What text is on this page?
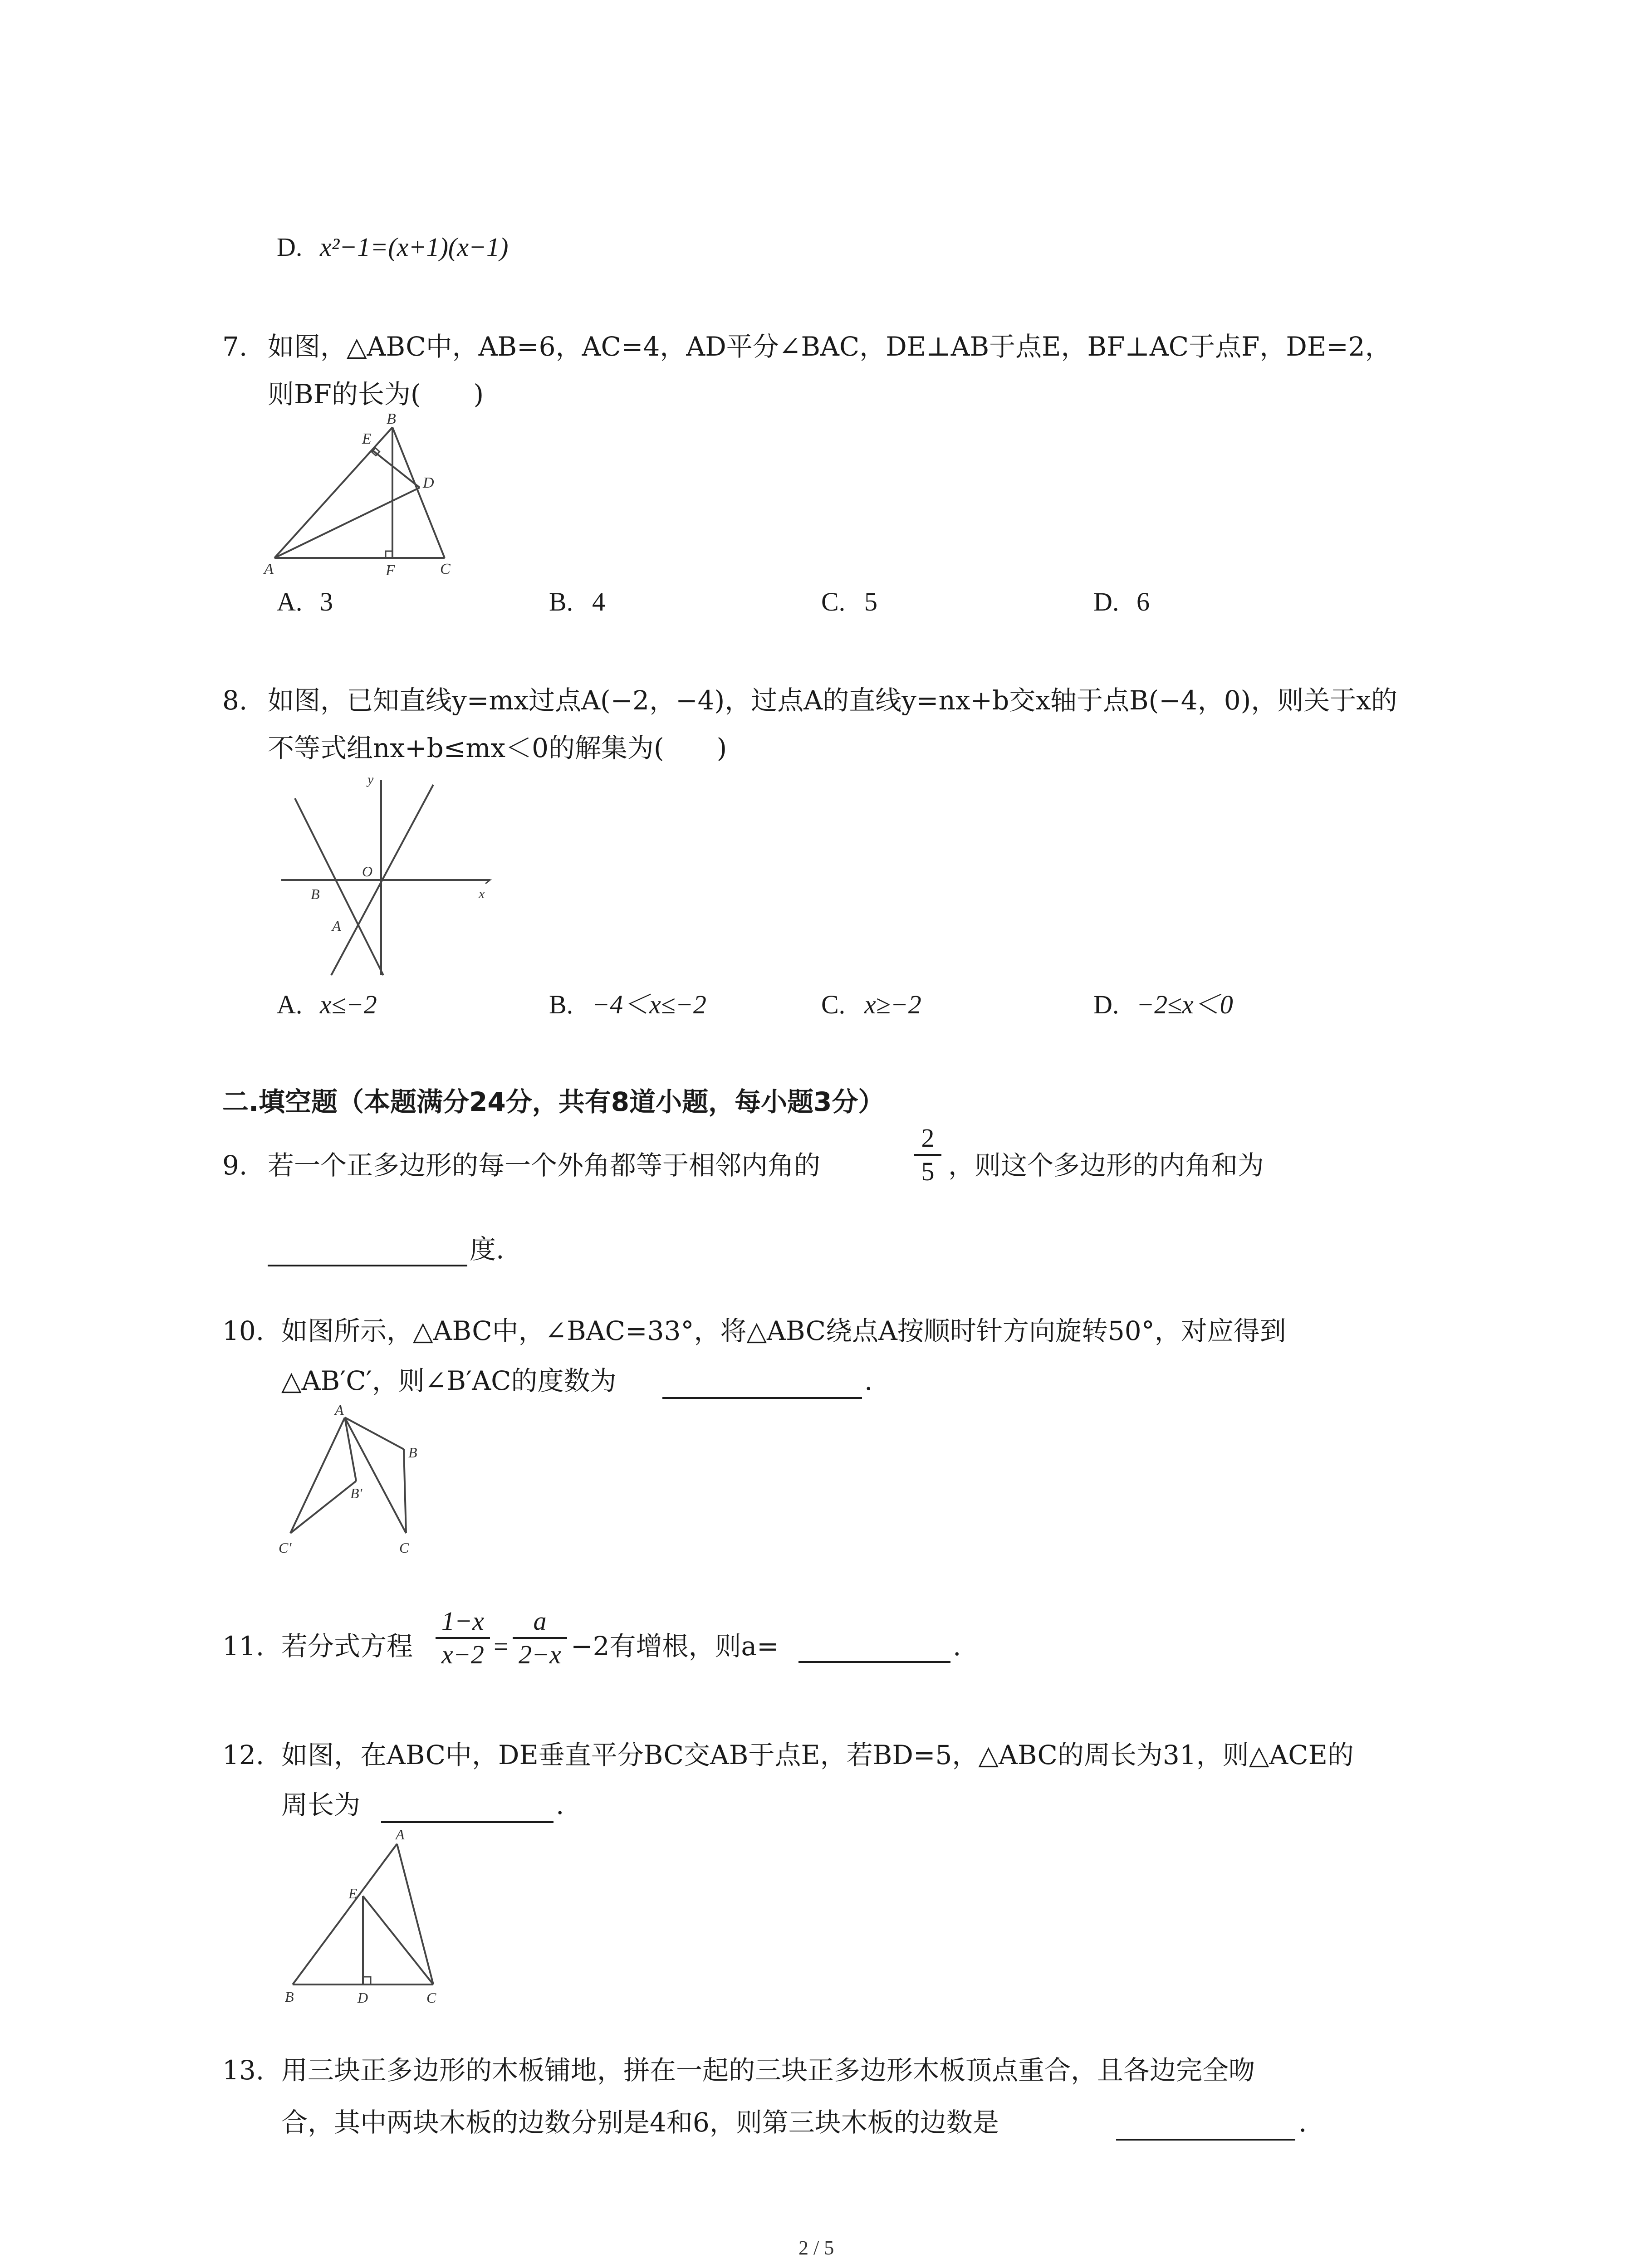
D. x²−1=(x+1)(x−1)
7. 如图，△ABC中，AB=6，AC=4，AD平分∠BAC，DE⊥AB于点E，BF⊥AC于点F，DE=2，
则BF的长为(　　)
A
B
C
D
E
F
A. 3	B. 4	C. 5	D. 6
8. 如图，已知直线y=mx过点A(−2，−4)，过点A的直线y=nx+b交x轴于点B(−4，0)，则关于x的
不等式组nx+b≤mx＜0的解集为(　　)
y
x
O
B
A
A. x≤−2	B. −4＜x≤−2	C. x≥−2	D. −2≤x＜0
二.填空题（本题满分24分，共有8道小题，每小题3分）
9. 若一个正多边形的每一个外角都等于相邻内角的
2
5 ，则这个多边形的内角和为
度.
10. 如图所示，△ABC中，∠BAC=33°，将△ABC绕点A按顺时针方向旋转50°，对应得到
△AB′C′，则∠B′AC的度数为	.
A
B
B′
C
C′
11. 若分式方程
1−x
x−2 =
a
2−x −2有增根，则a=	.
12. 如图，在ABC中，DE垂直平分BC交AB于点E，若BD=5，△ABC的周长为31，则△ACE的
周长为	.
A
E
B	D	C
13. 用三块正多边形的木板铺地，拼在一起的三块正多边形木板顶点重合，且各边完全吻
合，其中两块木板的边数分别是4和6，则第三块木板的边数是	.
2 / 5
